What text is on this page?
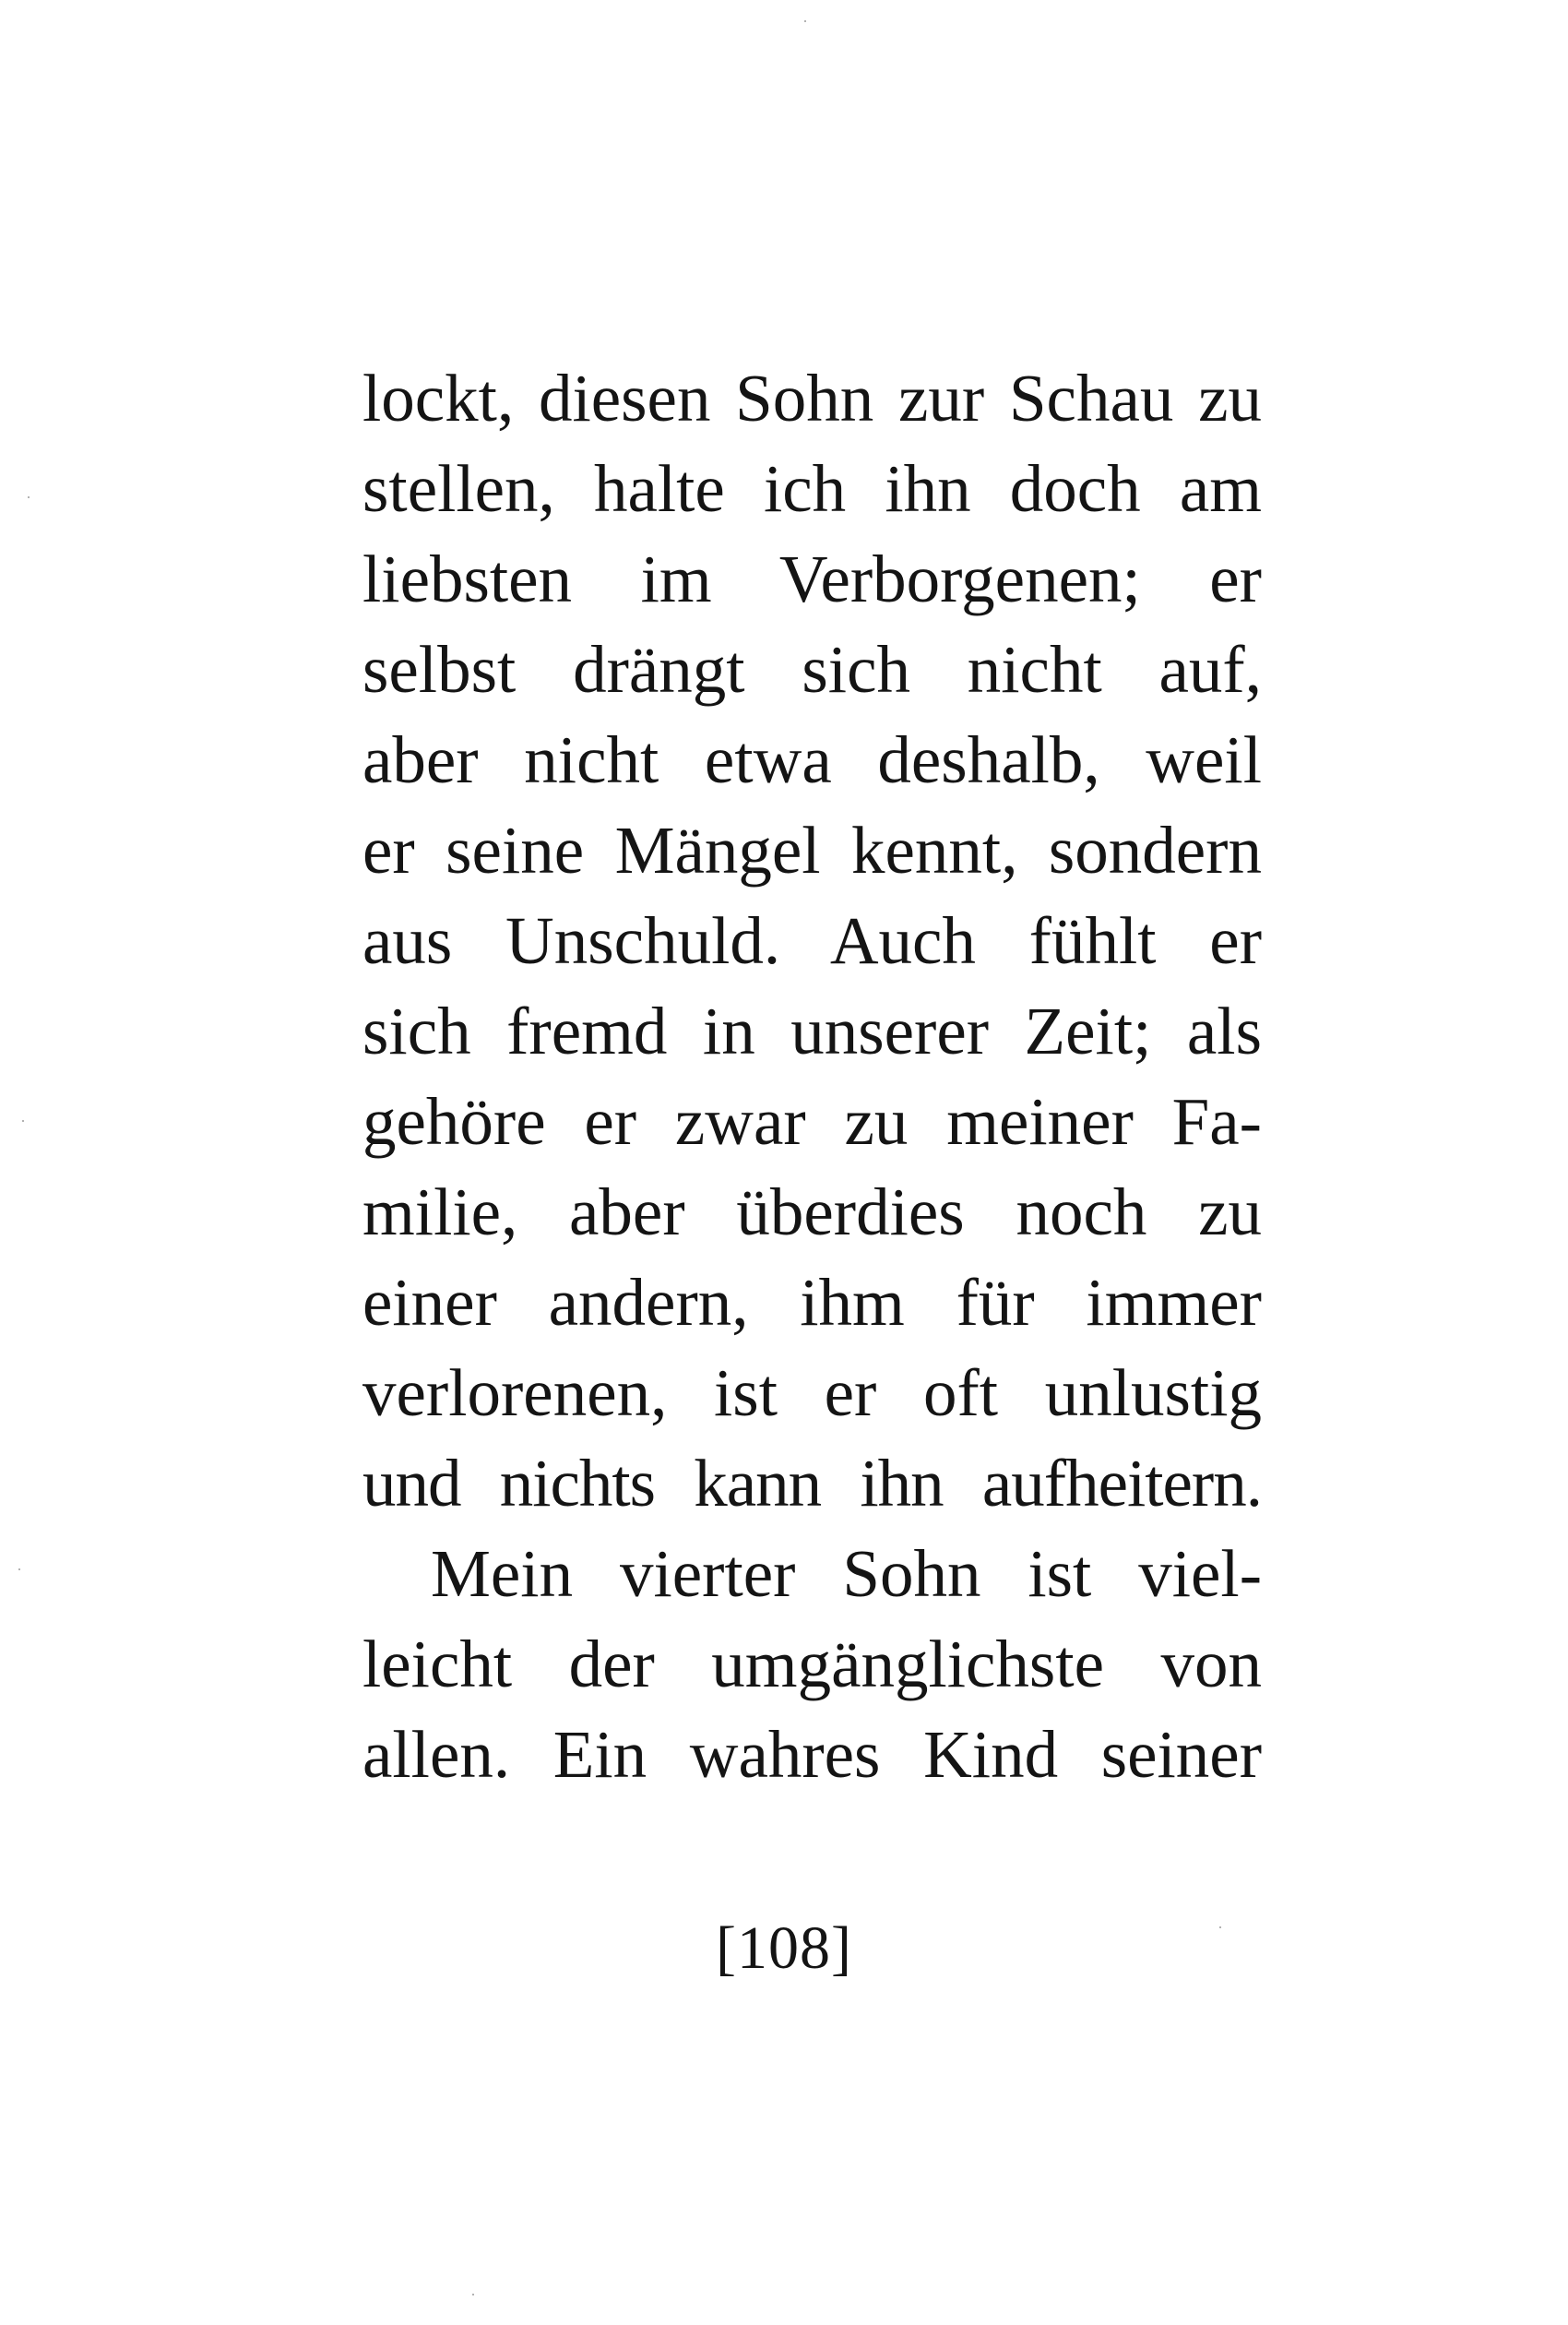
lockt, diesen Sohn zur Schau zu
stellen, halte ich ihn doch am
liebsten im Verborgenen; er
selbst drängt sich nicht auf,
aber nicht etwa deshalb, weil
er seine Mängel kennt, sondern
aus Unschuld. Auch fühlt er
sich fremd in unserer Zeit; als
gehöre er zwar zu meiner Fa-
milie, aber überdies noch zu
einer andern, ihm für immer
verlorenen, ist er oft unlustig
und nichts kann ihn aufheitern.
Mein vierter Sohn ist viel-
leicht der umgänglichste von
allen. Ein wahres Kind seiner
[108]
